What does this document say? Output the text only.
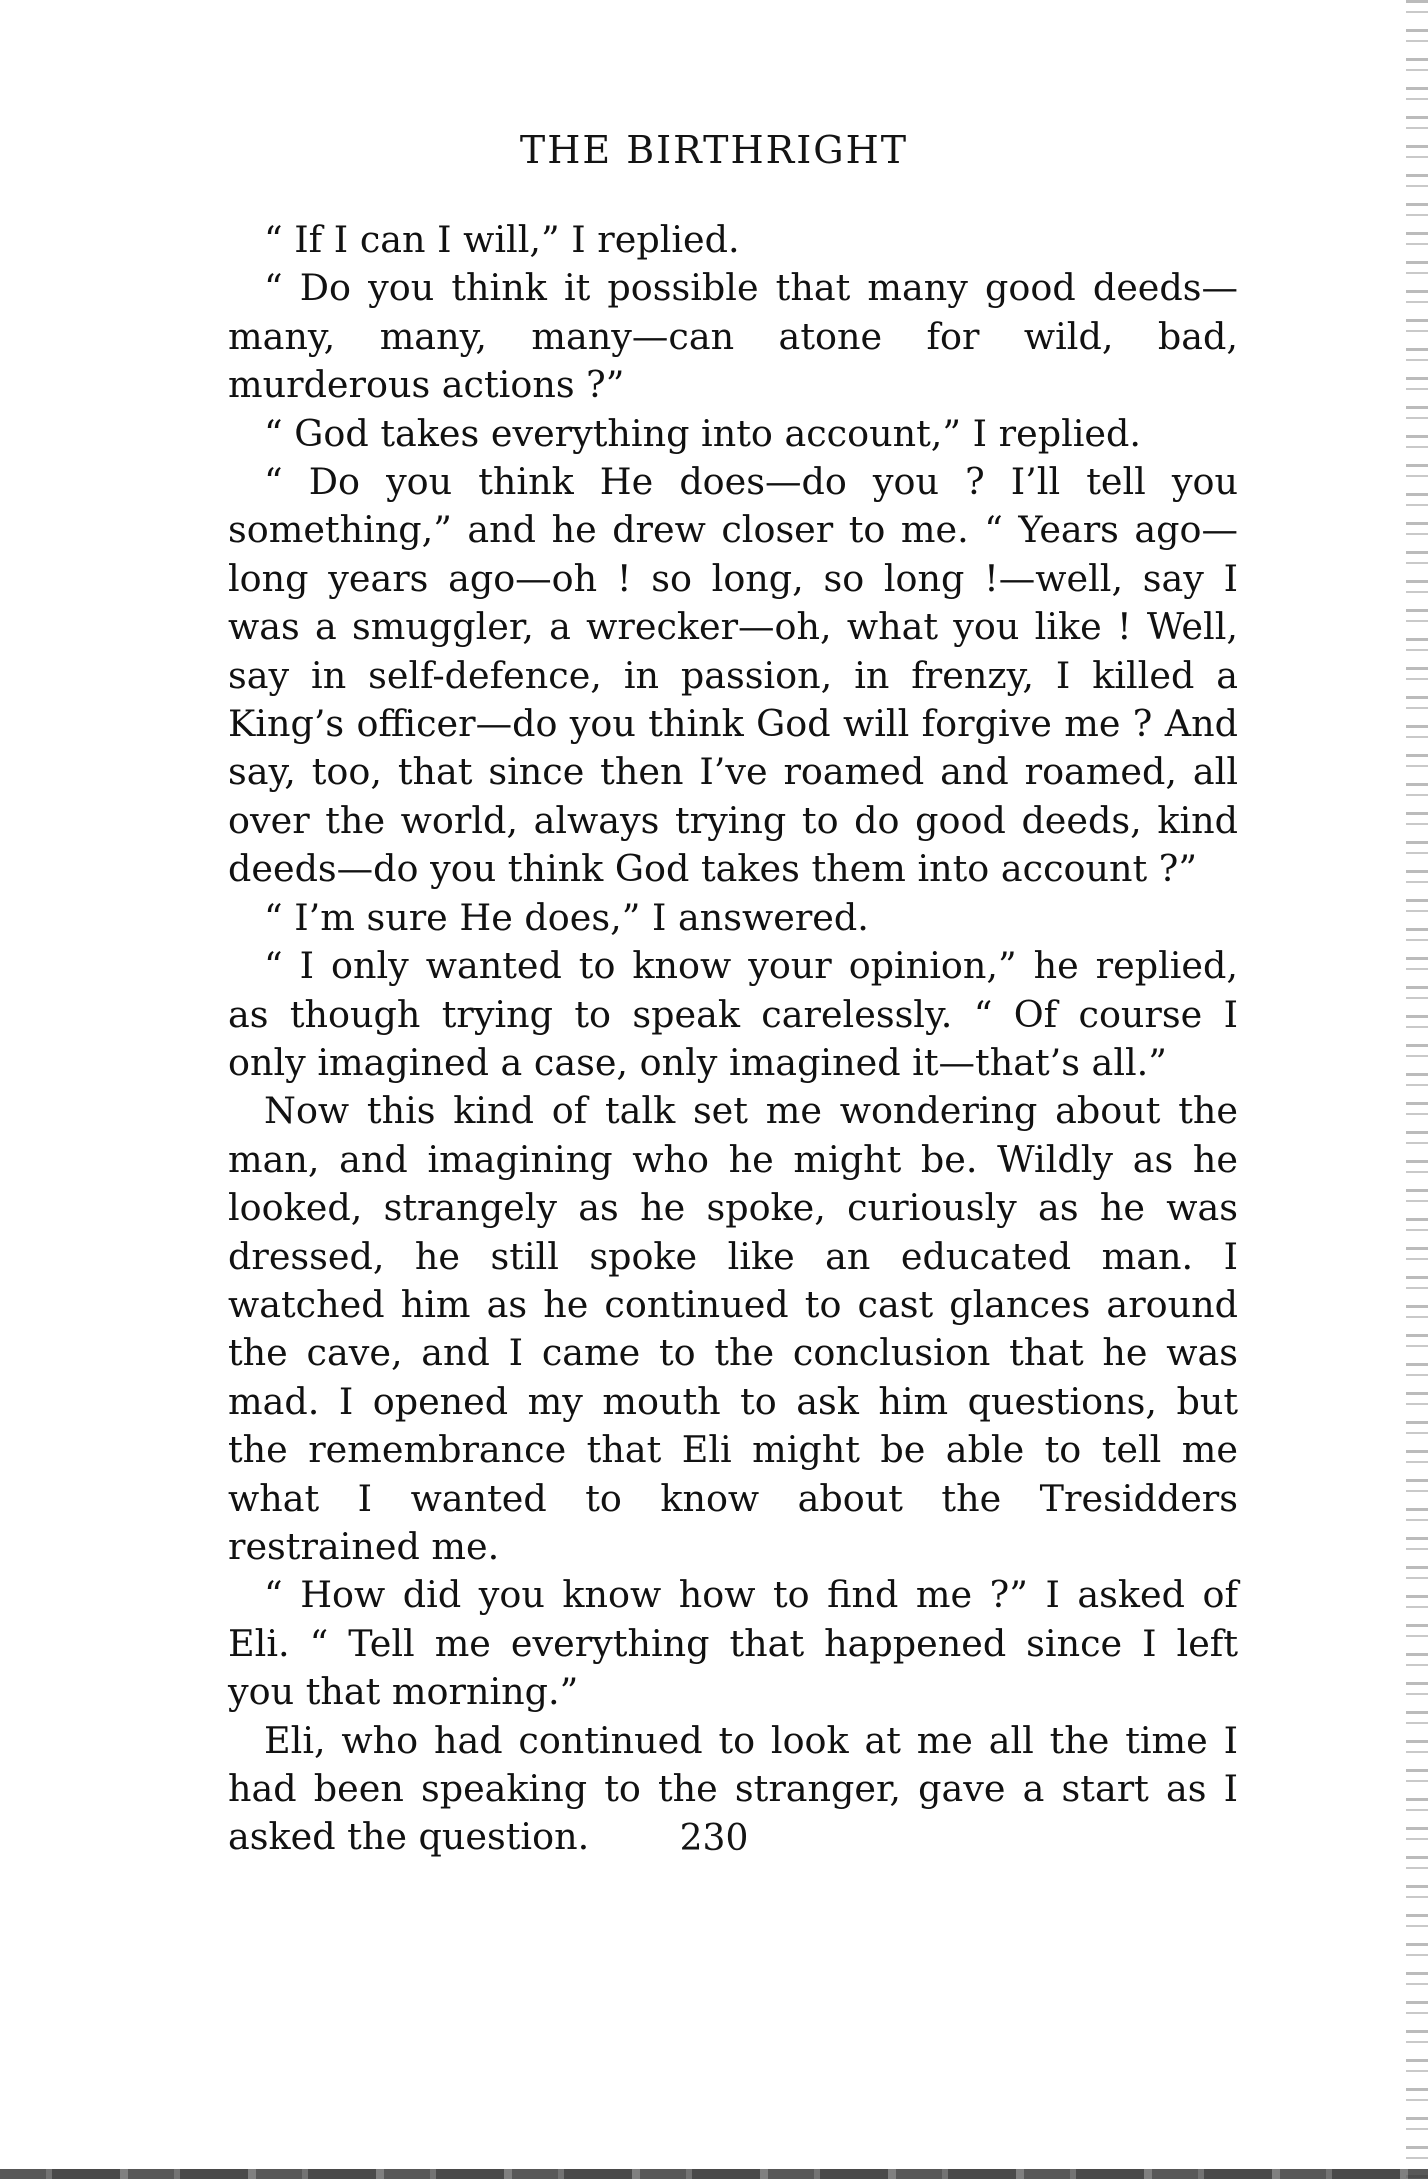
THE BIRTHRIGHT

“ If I can I will,” I replied.

“ Do you think it possible that many good deeds—many, many, many—can atone for wild, bad, murderous actions ?”

“ God takes everything into account,” I replied.

“ Do you think He does—do you ? I’ll tell you something,” and he drew closer to me. “ Years ago—long years ago—oh ! so long, so long !—well, say I was a smuggler, a wrecker—oh, what you like ! Well, say in self-defence, in passion, in frenzy, I killed a King’s officer—do you think God will forgive me ? And say, too, that since then I’ve roamed and roamed, all over the world, always trying to do good deeds, kind deeds—do you think God takes them into account ?”

“ I’m sure He does,” I answered.

“ I only wanted to know your opinion,” he replied, as though trying to speak carelessly. “ Of course I only imagined a case, only imagined it—that’s all.”

Now this kind of talk set me wondering about the man, and imagining who he might be. Wildly as he looked, strangely as he spoke, curiously as he was dressed, he still spoke like an educated man. I watched him as he continued to cast glances around the cave, and I came to the conclusion that he was mad. I opened my mouth to ask him questions, but the remembrance that Eli might be able to tell me what I wanted to know about the Tresidders restrained me.

“ How did you know how to find me ?” I asked of Eli. “ Tell me everything that happened since I left you that morning.”

Eli, who had continued to look at me all the time I had been speaking to the stranger, gave a start as I asked the question.	230
